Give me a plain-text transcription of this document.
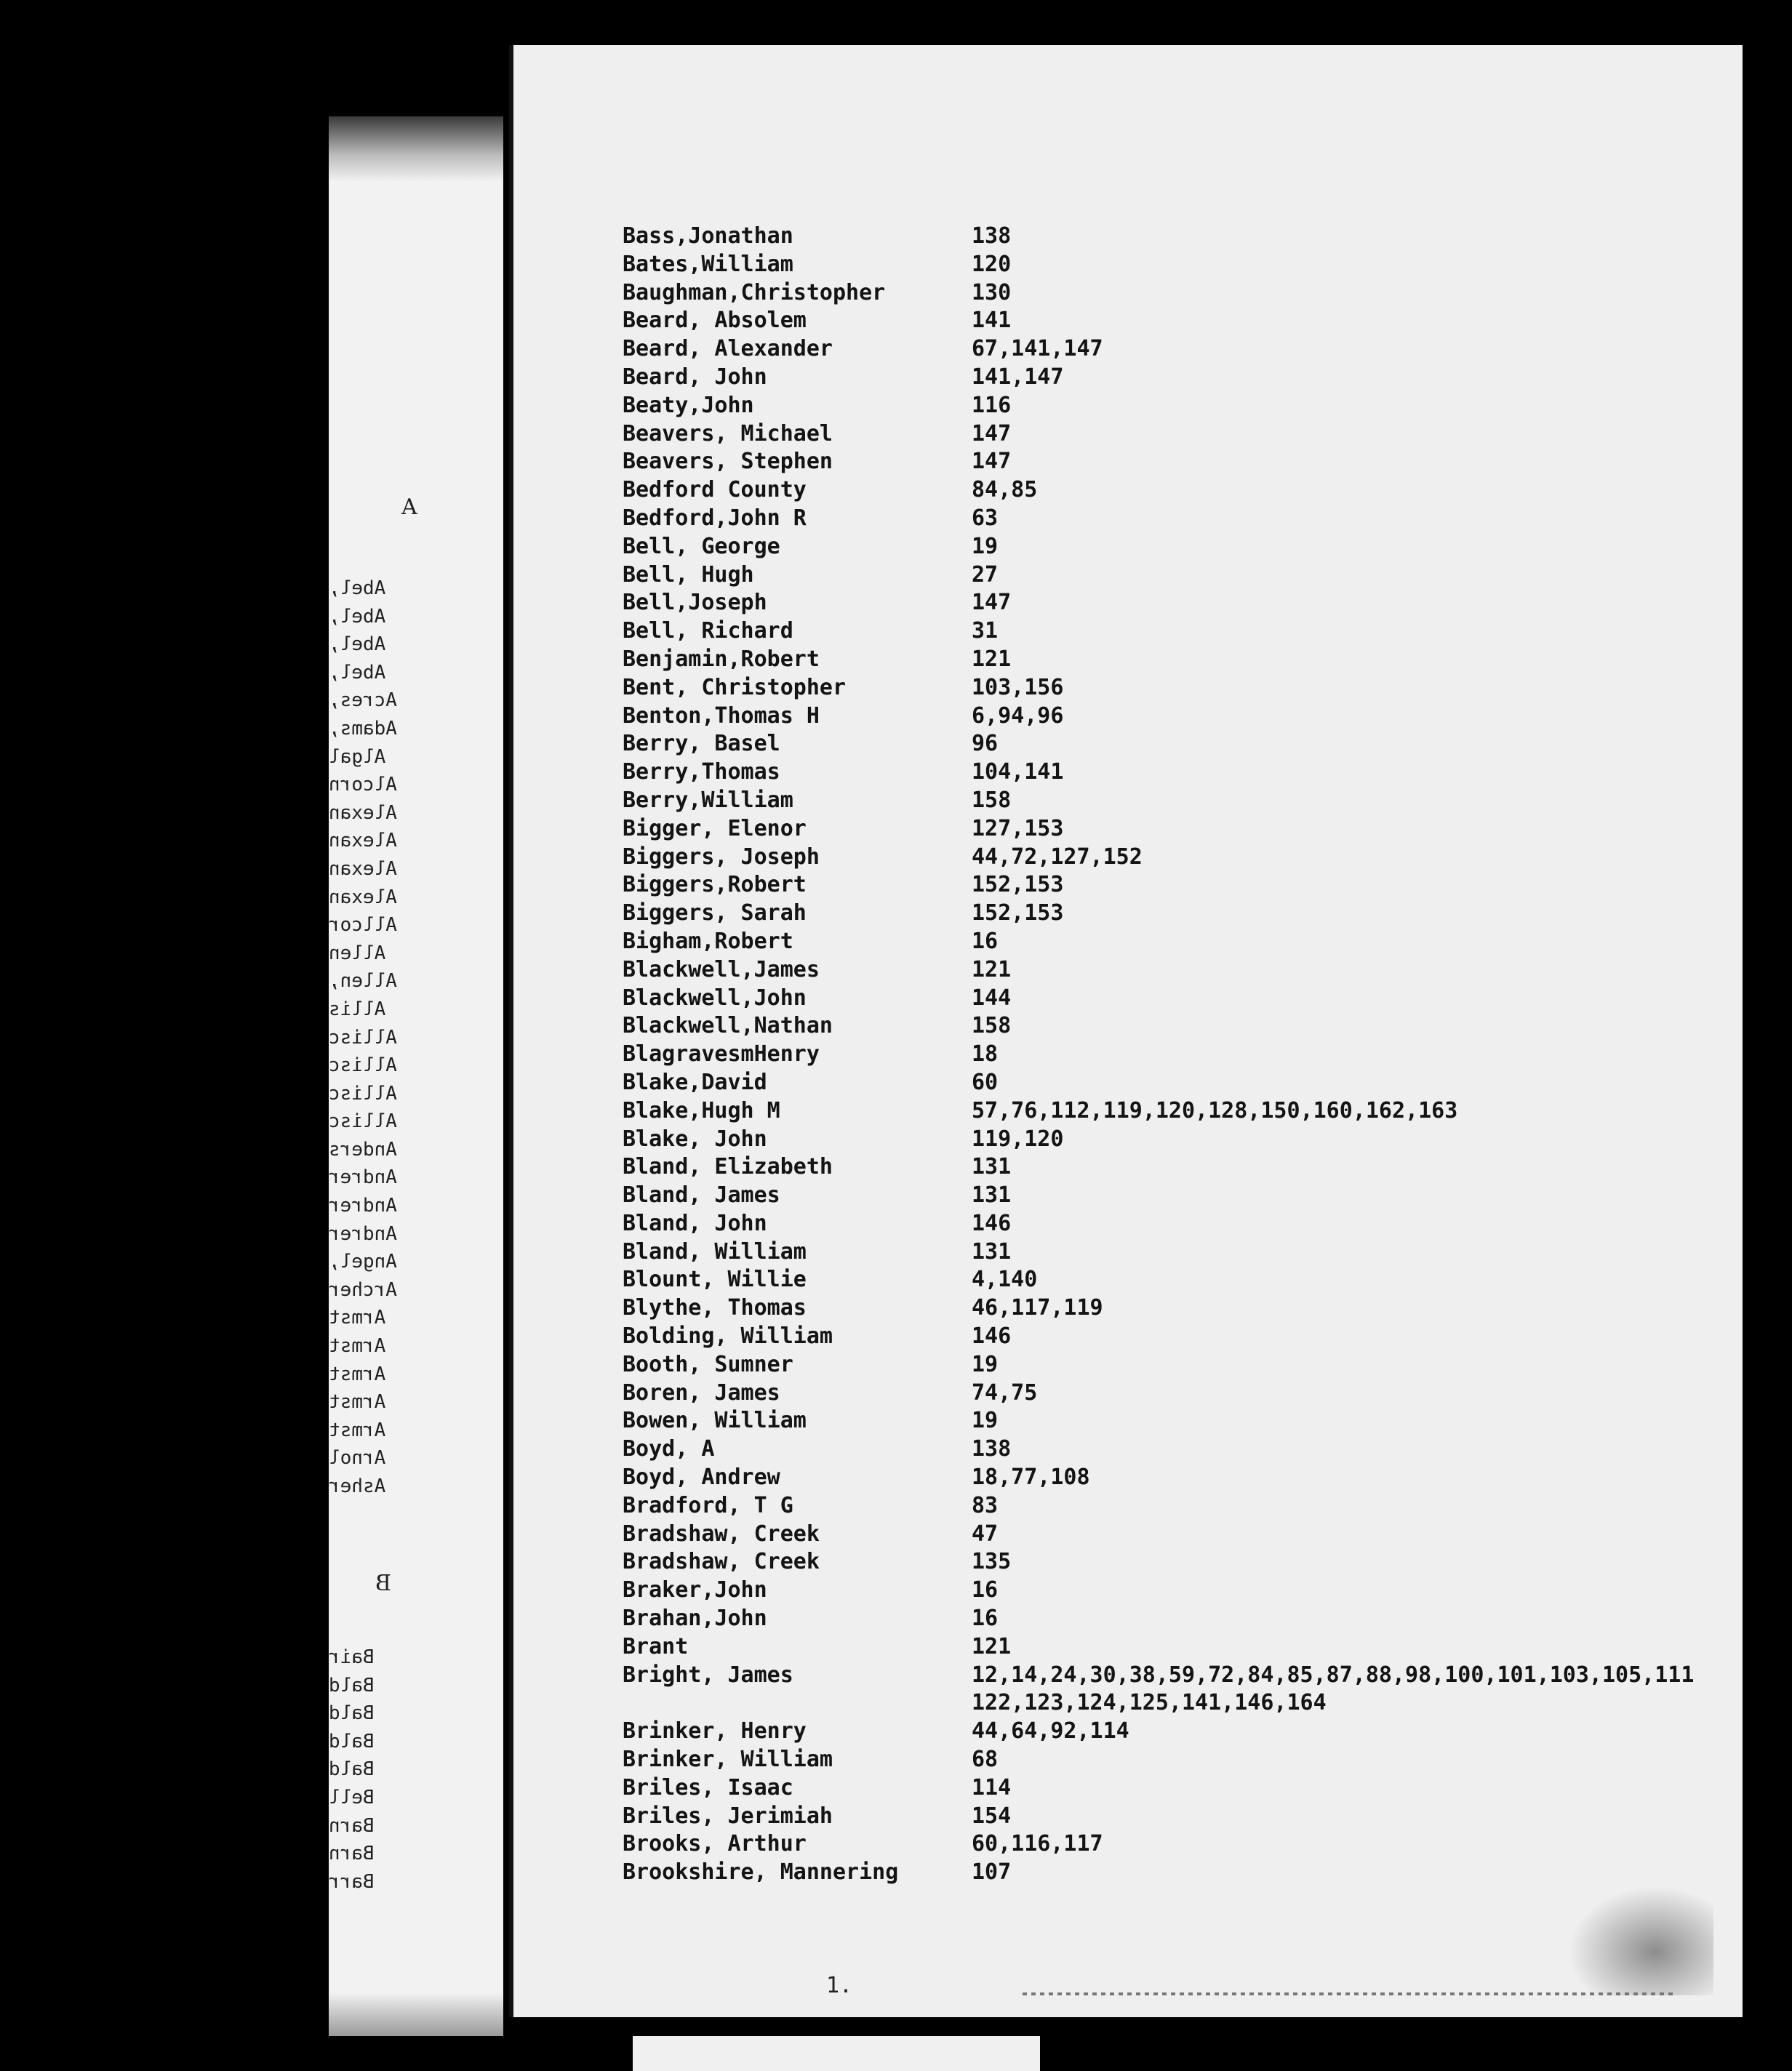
A
Abel,
Abel,
Abel,
Abel,
Acres,
Adams,
Algal
Alcorn
Alexan
Alexan
Alexan
Alexan
Allcor
Allen
Allen,
Allis
Allisc
Allisc
Allisc
Allisc
Anders
Andrer
Andrer
Andrer
Angel,
Archer
Armst
Armst
Armst
Armst
Armst
Arnol
Asher
B
Bair
Bald
Bald
Bald
Bald
Bell
Barn
Barn
Barr
Bass,Jonathan	138
Bates,William	120
Baughman,Christopher	130
Beard, Absolem	141
Beard, Alexander	67,141,147
Beard, John	141,147
Beaty,John	116
Beavers, Michael	147
Beavers, Stephen	147
Bedford County	84,85
Bedford,John R	63
Bell, George	19
Bell, Hugh	27
Bell,Joseph	147
Bell, Richard	31
Benjamin,Robert	121
Bent, Christopher	103,156
Benton,Thomas H	6,94,96
Berry, Basel	96
Berry,Thomas	104,141
Berry,William	158
Bigger, Elenor	127,153
Biggers, Joseph	44,72,127,152
Biggers,Robert	152,153
Biggers, Sarah	152,153
Bigham,Robert	16
Blackwell,James	121
Blackwell,John	144
Blackwell,Nathan	158
BlagravesmHenry	18
Blake,David	60
Blake,Hugh M	57,76,112,119,120,128,150,160,162,163
Blake, John	119,120
Bland, Elizabeth	131
Bland, James	131
Bland, John	146
Bland, William	131
Blount, Willie	4,140
Blythe, Thomas	46,117,119
Bolding, William	146
Booth, Sumner	19
Boren, James	74,75
Bowen, William	19
Boyd, A	138
Boyd, Andrew	18,77,108
Bradford, T G	83
Bradshaw, Creek	47
Bradshaw, Creek	135
Braker,John	16
Brahan,John	16
Brant	121
Bright, James	12,14,24,30,38,59,72,84,85,87,88,98,100,101,103,105,111
122,123,124,125,141,146,164
Brinker, Henry	44,64,92,114
Brinker, William	68
Briles, Isaac	114
Briles, Jerimiah	154
Brooks, Arthur	60,116,117
Brookshire, Mannering	107
1.
